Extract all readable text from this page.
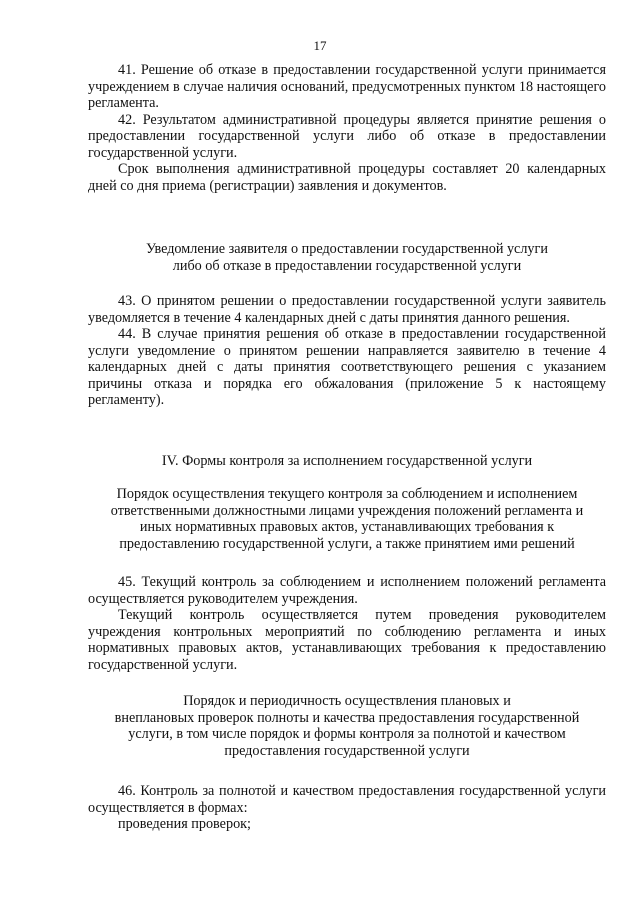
17

41. Решение об отказе в предоставлении государственной услуги принимается учреждением в случае наличия оснований, предусмотренных пунктом 18 настоящего регламента.

42. Результатом административной процедуры является принятие решения о предоставлении государственной услуги либо об отказе в предоставлении государственной услуги.

Срок выполнения административной процедуры составляет 20 календарных дней со дня приема (регистрации) заявления и документов.

Уведомление заявителя о предоставлении государственной услуги

либо об отказе в предоставлении государственной услуги

43. О принятом решении о предоставлении государственной услуги заявитель уведомляется в течение 4 календарных дней с даты принятия данного решения.

44. В случае принятия решения об отказе в предоставлении государственной услуги уведомление о принятом решении направляется заявителю в течение 4 календарных дней с даты принятия соответствующего решения с указанием причины отказа и порядка его обжалования (приложение 5 к настоящему регламенту).

IV. Формы контроля за исполнением государственной услуги

Порядок осуществления текущего контроля за соблюдением и исполнением

ответственными должностными лицами учреждения положений регламента и

иных нормативных правовых актов, устанавливающих требования к

предоставлению государственной услуги, а также принятием ими решений

45. Текущий контроль за соблюдением и исполнением положений регламента осуществляется руководителем учреждения.

Текущий контроль осуществляется путем проведения руководителем учреждения контрольных мероприятий по соблюдению регламента и иных нормативных правовых актов, устанавливающих требования к предоставлению государственной услуги.

Порядок и периодичность осуществления плановых и

внеплановых проверок полноты и качества предоставления государственной

услуги, в том числе порядок и формы контроля за полнотой и качеством

предоставления государственной услуги

46. Контроль за полнотой и качеством предоставления государственной услуги осуществляется в формах:

проведения проверок;
